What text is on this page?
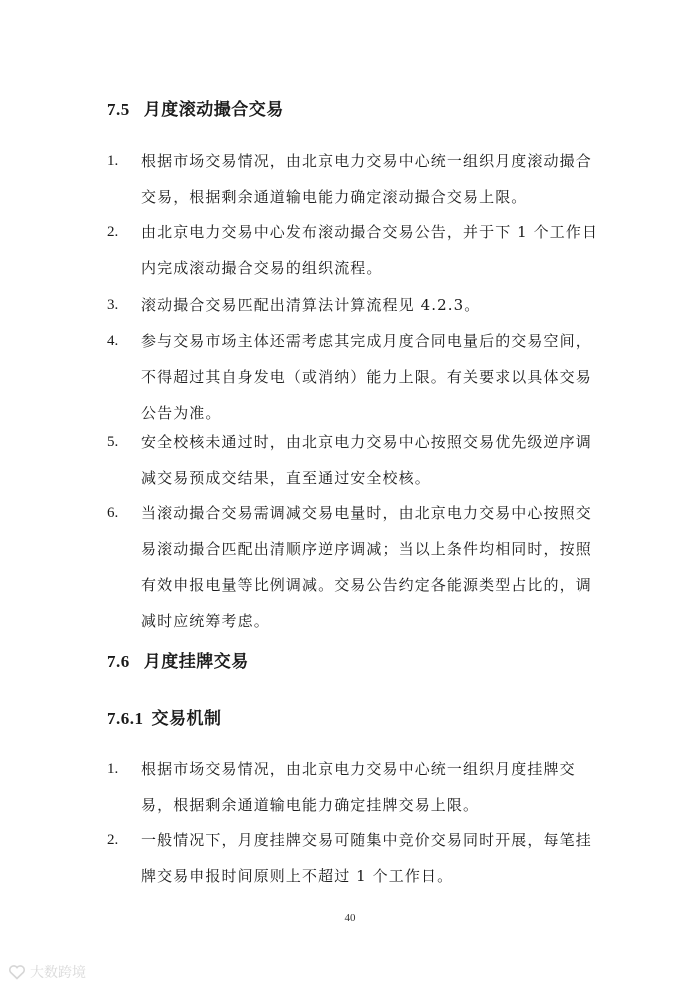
7.5 月度滚动撮合交易
1. 根据市场交易情况，由北京电力交易中心统一组织月度滚动撮合
交易，根据剩余通道输电能力确定滚动撮合交易上限。
2. 由北京电力交易中心发布滚动撮合交易公告，并于下 1 个工作日
内完成滚动撮合交易的组织流程。
3. 滚动撮合交易匹配出清算法计算流程见 4.2.3。
4. 参与交易市场主体还需考虑其完成月度合同电量后的交易空间，
不得超过其自身发电（或消纳）能力上限。有关要求以具体交易
公告为准。
5. 安全校核未通过时，由北京电力交易中心按照交易优先级逆序调
减交易预成交结果，直至通过安全校核。
6. 当滚动撮合交易需调减交易电量时，由北京电力交易中心按照交
易滚动撮合匹配出清顺序逆序调减；当以上条件均相同时，按照
有效申报电量等比例调减。交易公告约定各能源类型占比的，调
减时应统筹考虑。
7.6 月度挂牌交易
7.6.1 交易机制
1. 根据市场交易情况，由北京电力交易中心统一组织月度挂牌交
易，根据剩余通道输电能力确定挂牌交易上限。
2. 一般情况下，月度挂牌交易可随集中竞价交易同时开展，每笔挂
牌交易申报时间原则上不超过 1 个工作日。
40
大数跨境
